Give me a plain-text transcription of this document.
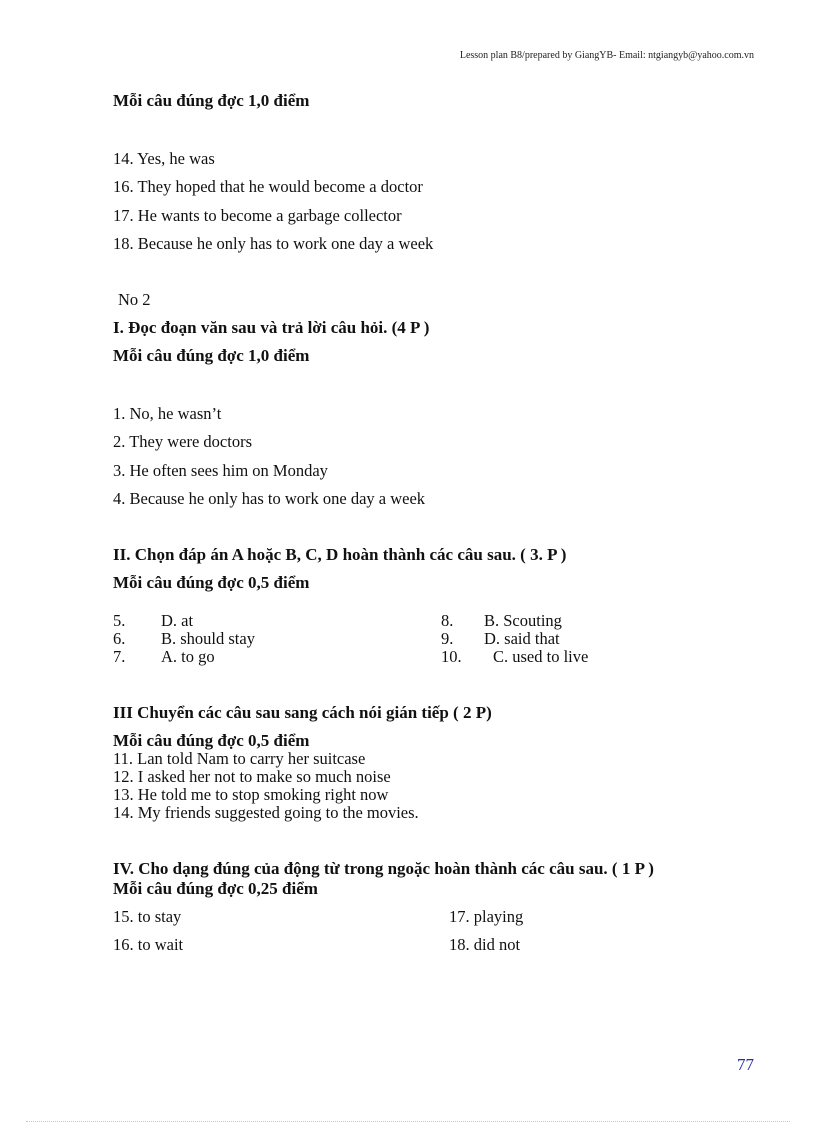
Lesson plan B8/prepared by GiangYB- Email: ntgiangyb@yahoo.com.vn
Mỗi câu đúng đợc 1,0 điểm
14. Yes, he was
16. They hoped that he would become a doctor
17. He wants to become a garbage collector
18. Because he only has to work one day a week
No 2
I. Đọc đoạn văn sau và trả lời câu hỏi. (4 P )
Mỗi câu đúng đợc 1,0 điểm
1. No, he wasn’t
2. They were doctors
3. He often sees him on Monday
4. Because he only has to work one day a week
II. Chọn đáp án A hoặc B, C, D hoàn thành các câu sau. ( 3. P )
Mỗi câu đúng đợc 0,5 điểm
5. D. at
6. B. should stay
7. A. to go
8. B. Scouting
9. D. said that
10. C. used to live
III Chuyển các câu sau sang cách nói gián tiếp ( 2 P)
Mỗi câu đúng đợc 0,5 điểm
11. Lan told Nam to carry her suitcase
12. I asked her not to make so much noise
13. He told me to stop smoking right now
14. My friends suggested going to the movies.
IV. Cho dạng đúng của động từ trong ngoặc hoàn thành các câu sau. ( 1 P )
Mỗi câu đúng đợc 0,25 điểm
15. to stay
16. to wait
17. playing
18. did not
77
